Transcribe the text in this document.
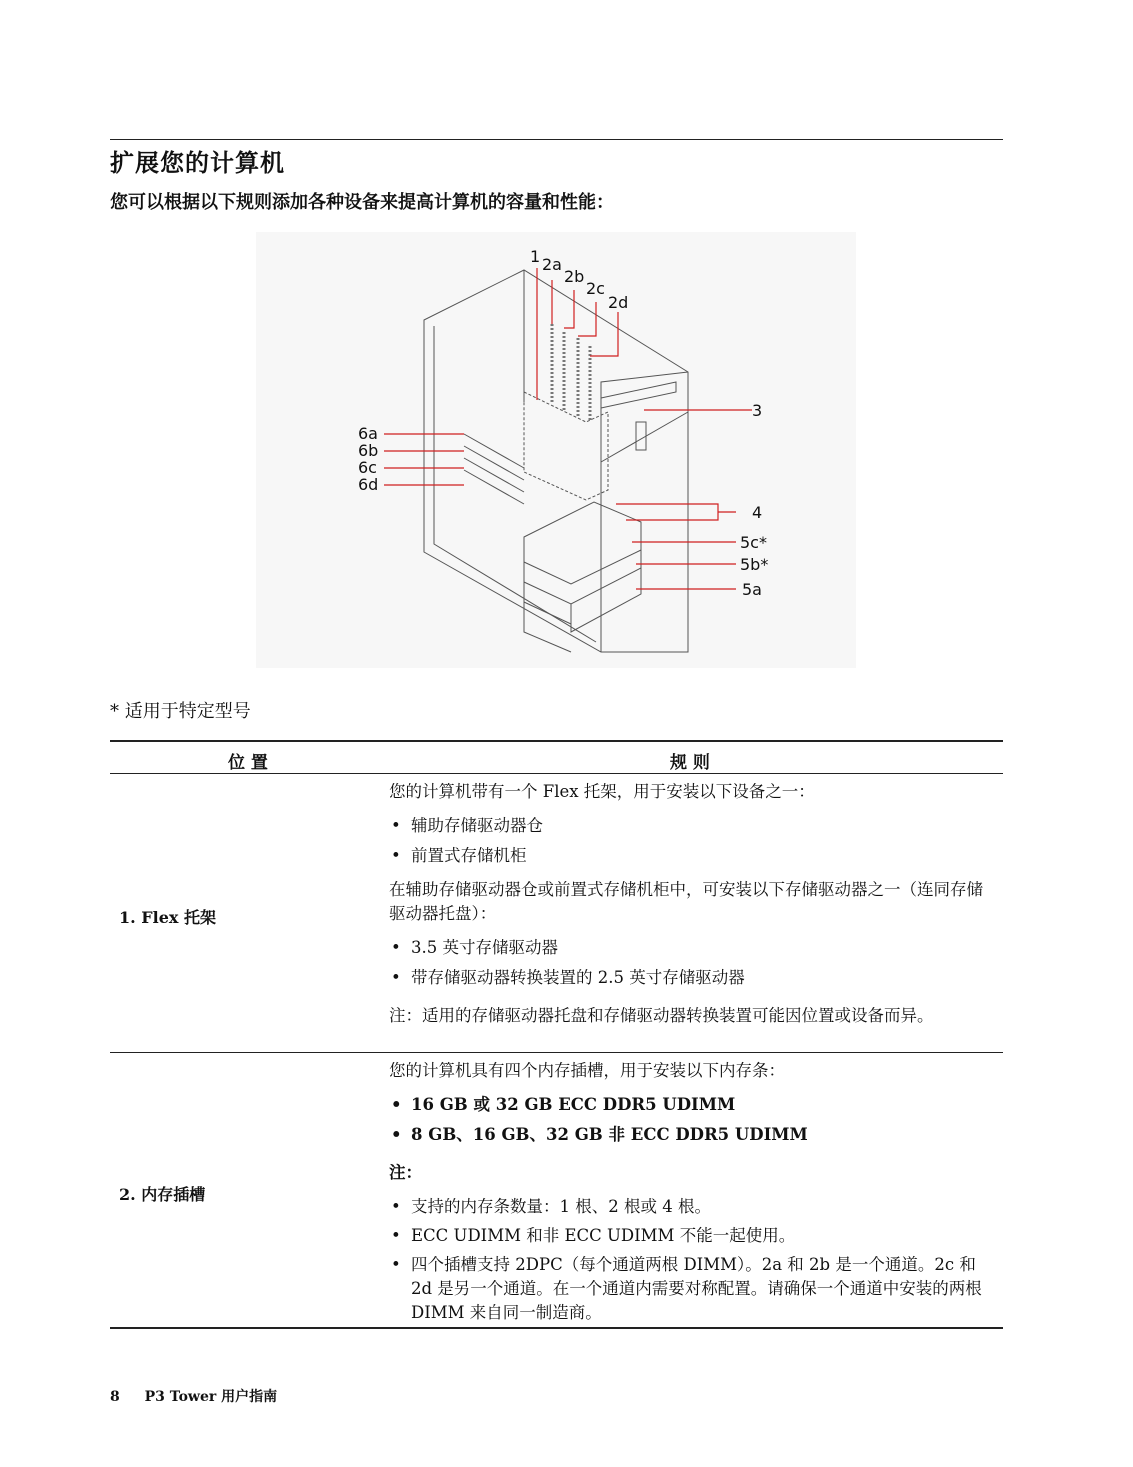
扩展您的计算机
您可以根据以下规则添加各种设备来提高计算机的容量和性能：
1 2a
2b
2c
2d
3
4
5c*
5b*
5a
6a
6b
6c
6d
* 适用于特定型号
位 置	规 则
1. Flex 托架

您的计算机带有一个 Flex 托架，用于安装以下设备之一：

• 辅助存储驱动器仓
• 前置式存储机柜

在辅助存储驱动器仓或前置式存储机柜中，可安装以下存储驱动器之一（连同存储驱动器托盘）：

• 3.5 英寸存储驱动器
• 带存储驱动器转换装置的 2.5 英寸存储驱动器

注：适用的存储驱动器托盘和存储驱动器转换装置可能因位置或设备而异。

2. 内存插槽

您的计算机具有四个内存插槽，用于安装以下内存条：

• 16 GB 或 32 GB ECC DDR5 UDIMM
• 8 GB、16 GB、32 GB 非 ECC DDR5 UDIMM

注：

• 支持的内存条数量：1 根、2 根或 4 根。
• ECC UDIMM 和非 ECC UDIMM 不能一起使用。
• 四个插槽支持 2DPC（每个通道两根 DIMM）。2a 和 2b 是一个通道。2c 和 2d 是另一个通道。在一个通道内需要对称配置。请确保一个通道中安装的两根 DIMM 来自同一制造商。
8 P3 Tower 用户指南
